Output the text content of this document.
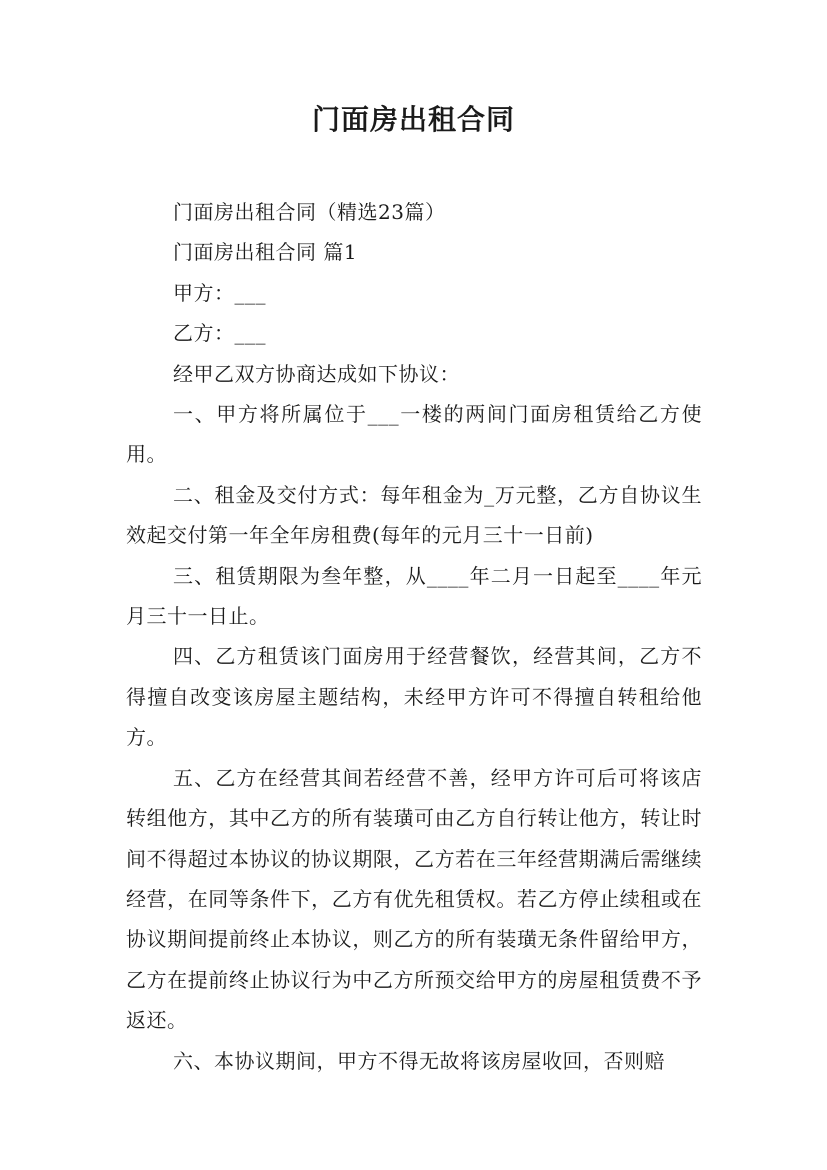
门面房出租合同

门面房出租合同（精选23篇）

门面房出租合同 篇1

甲方：___

乙方：___

经甲乙双方协商达成如下协议：

一、甲方将所属位于___一楼的两间门面房租赁给乙方使用。

二、租金及交付方式：每年租金为_万元整，乙方自协议生效起交付第一年全年房租费(每年的元月三十一日前)

三、租赁期限为叁年整，从____年二月一日起至____年元月三十一日止。

四、乙方租赁该门面房用于经营餐饮，经营其间，乙方不得擅自改变该房屋主题结构，未经甲方许可不得擅自转租给他方。

五、乙方在经营其间若经营不善，经甲方许可后可将该店转组他方，其中乙方的所有装璜可由乙方自行转让他方，转让时间不得超过本协议的协议期限，乙方若在三年经营期满后需继续经营，在同等条件下，乙方有优先租赁权。若乙方停止续租或在协议期间提前终止本协议，则乙方的所有装璜无条件留给甲方，乙方在提前终止协议行为中乙方所预交给甲方的房屋租赁费不予返还。

六、本协议期间，甲方不得无故将该房屋收回，否则赔
